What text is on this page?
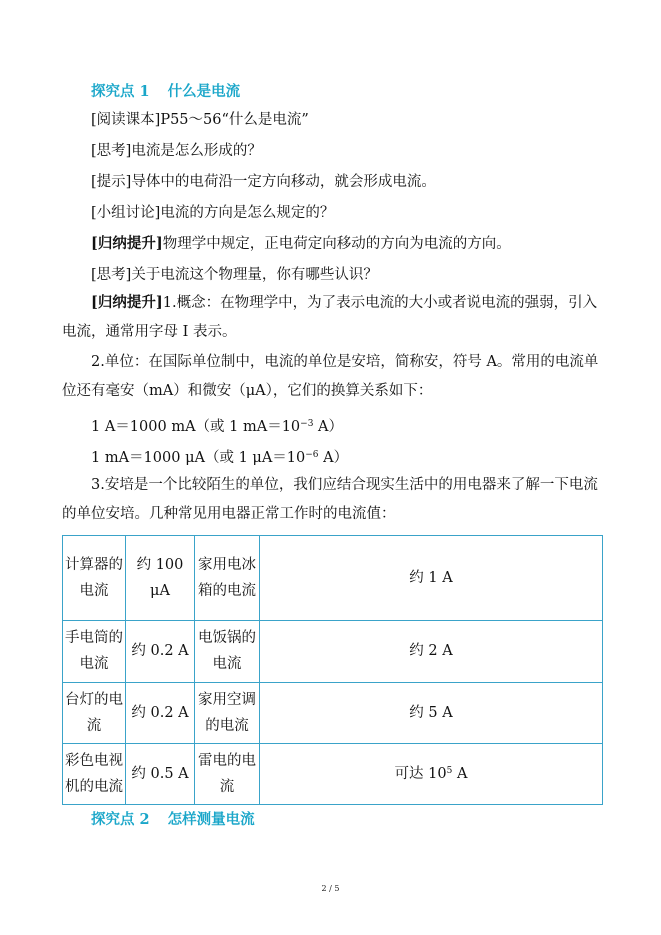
探究点 1 什么是电流
[阅读课本]P55～56“什么是电流”
[思考]电流是怎么形成的？
[提示]导体中的电荷沿一定方向移动，就会形成电流。
[小组讨论]电流的方向是怎么规定的？
[归纳提升]物理学中规定，正电荷定向移动的方向为电流的方向。
[思考]关于电流这个物理量，你有哪些认识？
[归纳提升]1.概念：在物理学中，为了表示电流的大小或者说电流的强弱，引入电流，通常用字母 I 表示。
2.单位：在国际单位制中，电流的单位是安培，简称安，符号 A。常用的电流单位还有毫安（mA）和微安（μA），它们的换算关系如下：
1 A＝1000 mA（或 1 $mA=10^{-3}$ A）
1 mA＝1000 μA（或 1 $\mu A=10^{-6}$ A）
3.安培是一个比较陌生的单位，我们应结合现实生活中的用电器来了解一下电流的单位安培。几种常见用电器正常工作时的电流值：
计算器的电流	约 100 μA	家用电冰箱的电流	约 1 A
手电筒的电流	约 0.2 A	电饭锅的电流	约 2 A
台灯的电流	约 0.2 A	家用空调的电流	约 5 A
彩色电视机的电流	约 0.5 A	雷电的电流	可达 $10^5$ A
探究点 2 怎样测量电流
2 / 5
